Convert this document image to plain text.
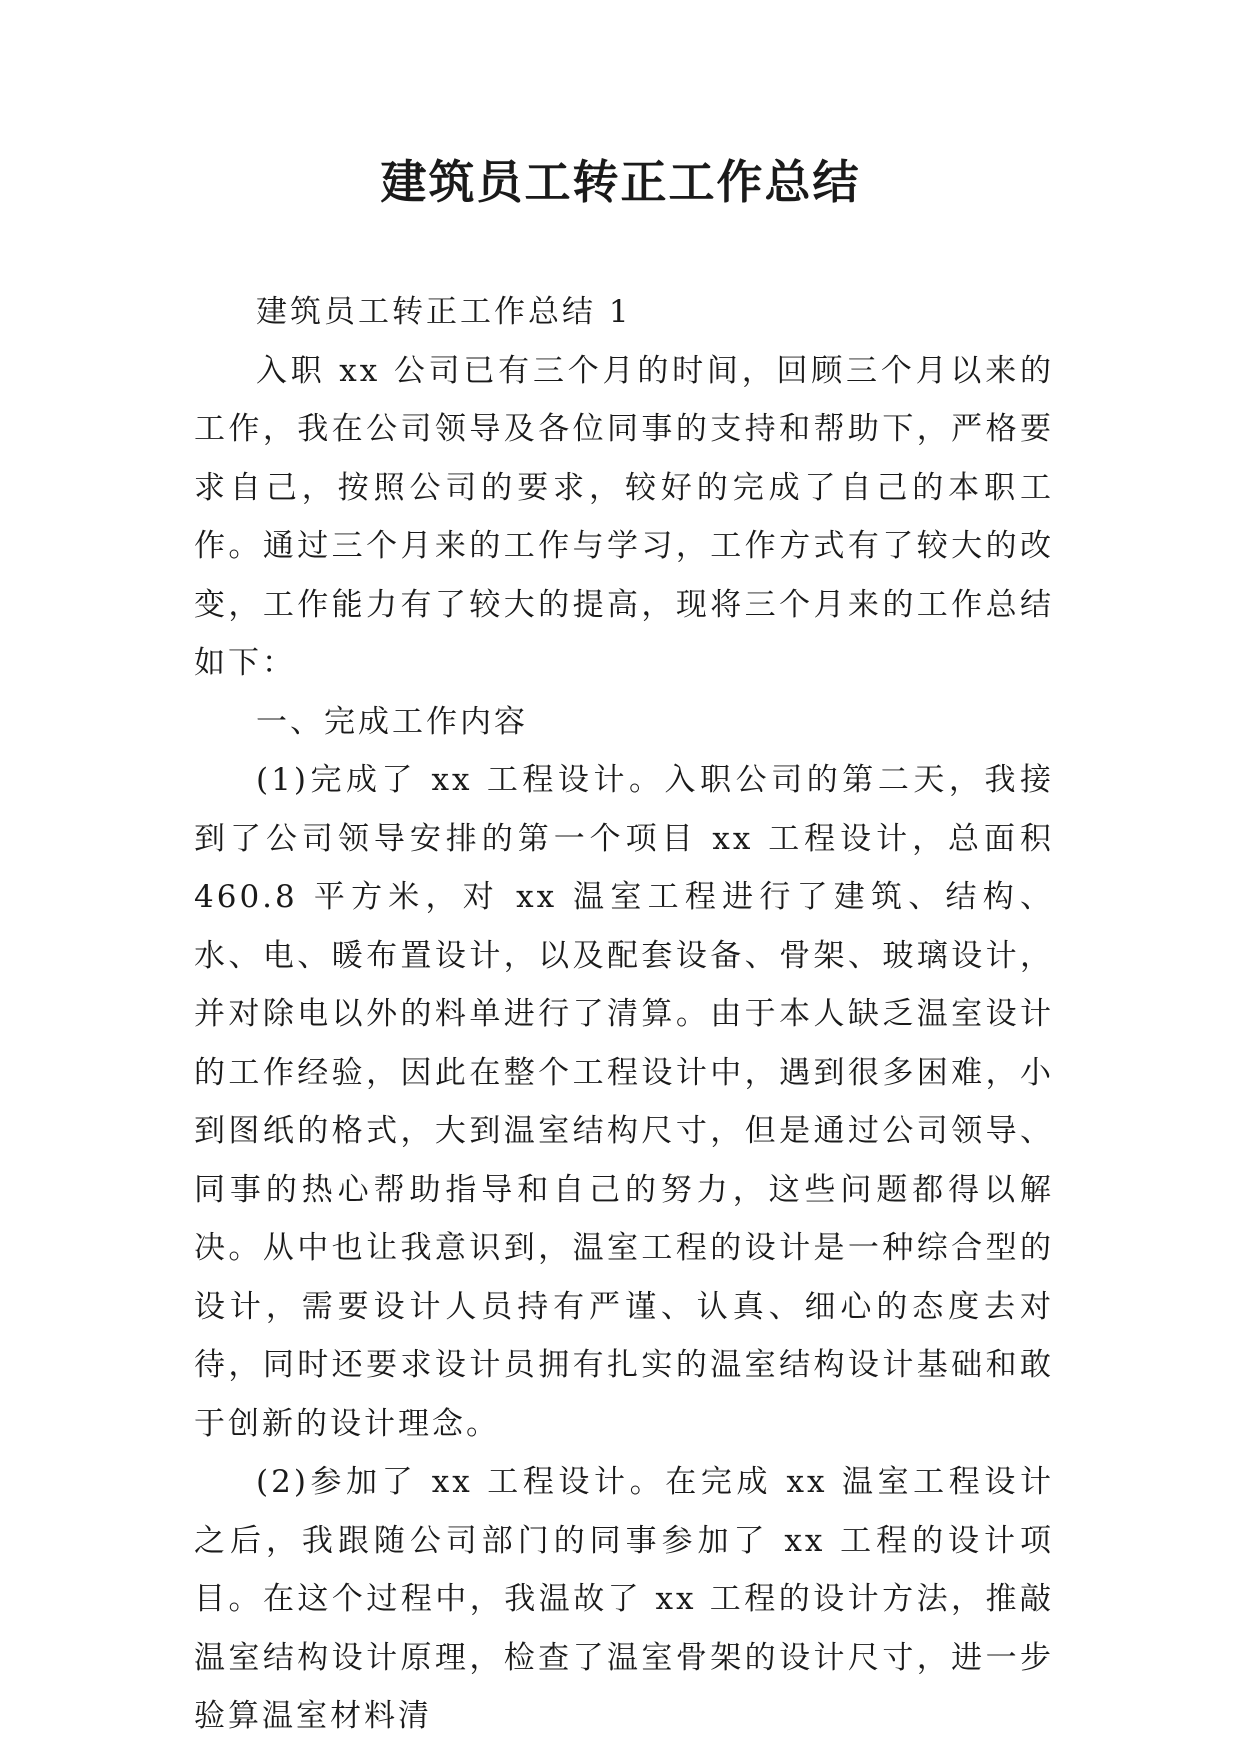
建筑员工转正工作总结

建筑员工转正工作总结 1

入职 xx 公司已有三个月的时间，回顾三个月以来的工作，我在公司领导及各位同事的支持和帮助下，严格要求自己，按照公司的要求，较好的完成了自己的本职工作。通过三个月来的工作与学习，工作方式有了较大的改变，工作能力有了较大的提高，现将三个月来的工作总结如下：

一、完成工作内容

(1)完成了 xx 工程设计。入职公司的第二天，我接到了公司领导安排的第一个项目 xx 工程设计，总面积 460.8 平方米，对 xx 温室工程进行了建筑、结构、水、电、暖布置设计，以及配套设备、骨架、玻璃设计，并对除电以外的料单进行了清算。由于本人缺乏温室设计的工作经验，因此在整个工程设计中，遇到很多困难，小到图纸的格式，大到温室结构尺寸，但是通过公司领导、同事的热心帮助指导和自己的努力，这些问题都得以解决。从中也让我意识到，温室工程的设计是一种综合型的设计，需要设计人员持有严谨、认真、细心的态度去对待，同时还要求设计员拥有扎实的温室结构设计基础和敢于创新的设计理念。

(2)参加了 xx 工程设计。在完成 xx 温室工程设计之后，我跟随公司部门的同事参加了 xx 工程的设计项目。在这个过程中，我温故了 xx 工程的设计方法，推敲温室结构设计原理，检查了温室骨架的设计尺寸，进一步验算温室材料清
